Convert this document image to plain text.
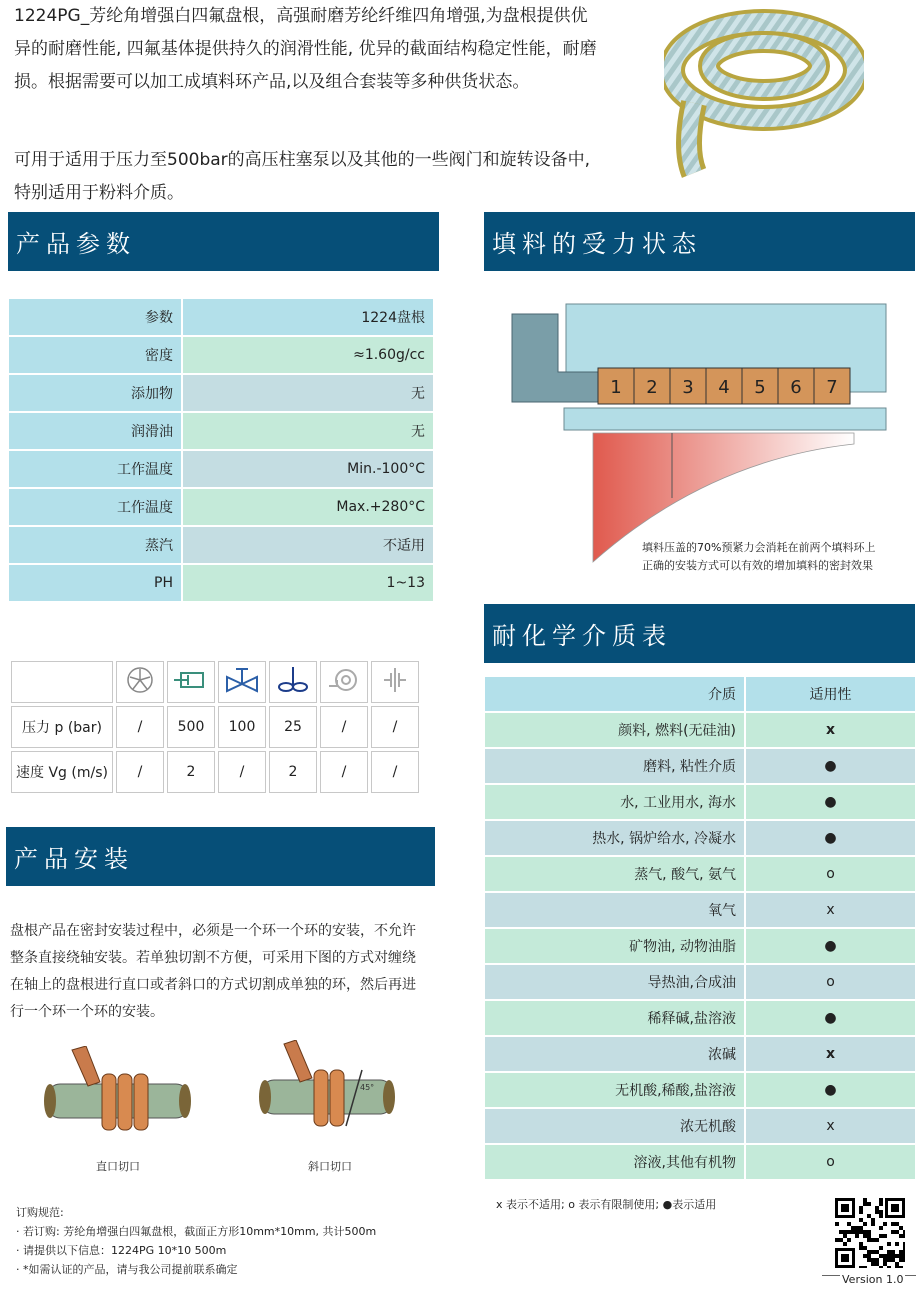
1224PG_芳纶角增强白四氟盘根，高强耐磨芳纶纤维四角增强,为盘根提供优异的耐磨性能, 四氟基体提供持久的润滑性能, 优异的截面结构稳定性能，耐磨损。根据需要可以加工成填料环产品,以及组合套装等多种供货状态。
可用于适用于压力至500bar的高压柱塞泵以及其他的一些阀门和旋转设备中,特别适用于粉料介质。
产品参数
参数	1224盘根
密度	≈1.60g/cc
添加物	无
润滑油	无
工作温度	Min.-100°C
工作温度	Max.+280°C
蒸汽	不适用
PH	1~13

压力 p (bar)	/	500	100	25	/	/
速度 Vg (m/s)	/	2	/	2	/	/
产品安装
盘根产品在密封安装过程中，必须是一个环一个环的安装，不允许整条直接绕轴安装。若单独切割不方便，可采用下图的方式对缠绕在轴上的盘根进行直口或者斜口的方式切割成单独的环，然后再进行一个环一个环的安装。
45°
直口切口	斜口切口
订购规范:
· 若订购: 芳纶角增强白四氟盘根，截面正方形10mm*10mm, 共计500m
· 请提供以下信息：1224PG 10*10 500m
· *如需认证的产品，请与我公司提前联系确定
填料的受力状态
1 2 3 4 5 6 7
填料压盖的70%预紧力会消耗在前两个填料环上
正确的安装方式可以有效的增加填料的密封效果
耐化学介质表
介质	适用性
颜料, 燃料(无硅油)	x
磨料, 粘性介质	●
水, 工业用水, 海水	●
热水, 锅炉给水, 冷凝水	●
蒸气, 酸气, 氨气	o
氧气	x
矿物油, 动物油脂	●
导热油,合成油	o
稀释碱,盐溶液	●
浓碱	x
无机酸,稀酸,盐溶液	●
浓无机酸	x
溶液,其他有机物	o
x 表示不适用; o 表示有限制使用; ●表示适用
Version 1.0
